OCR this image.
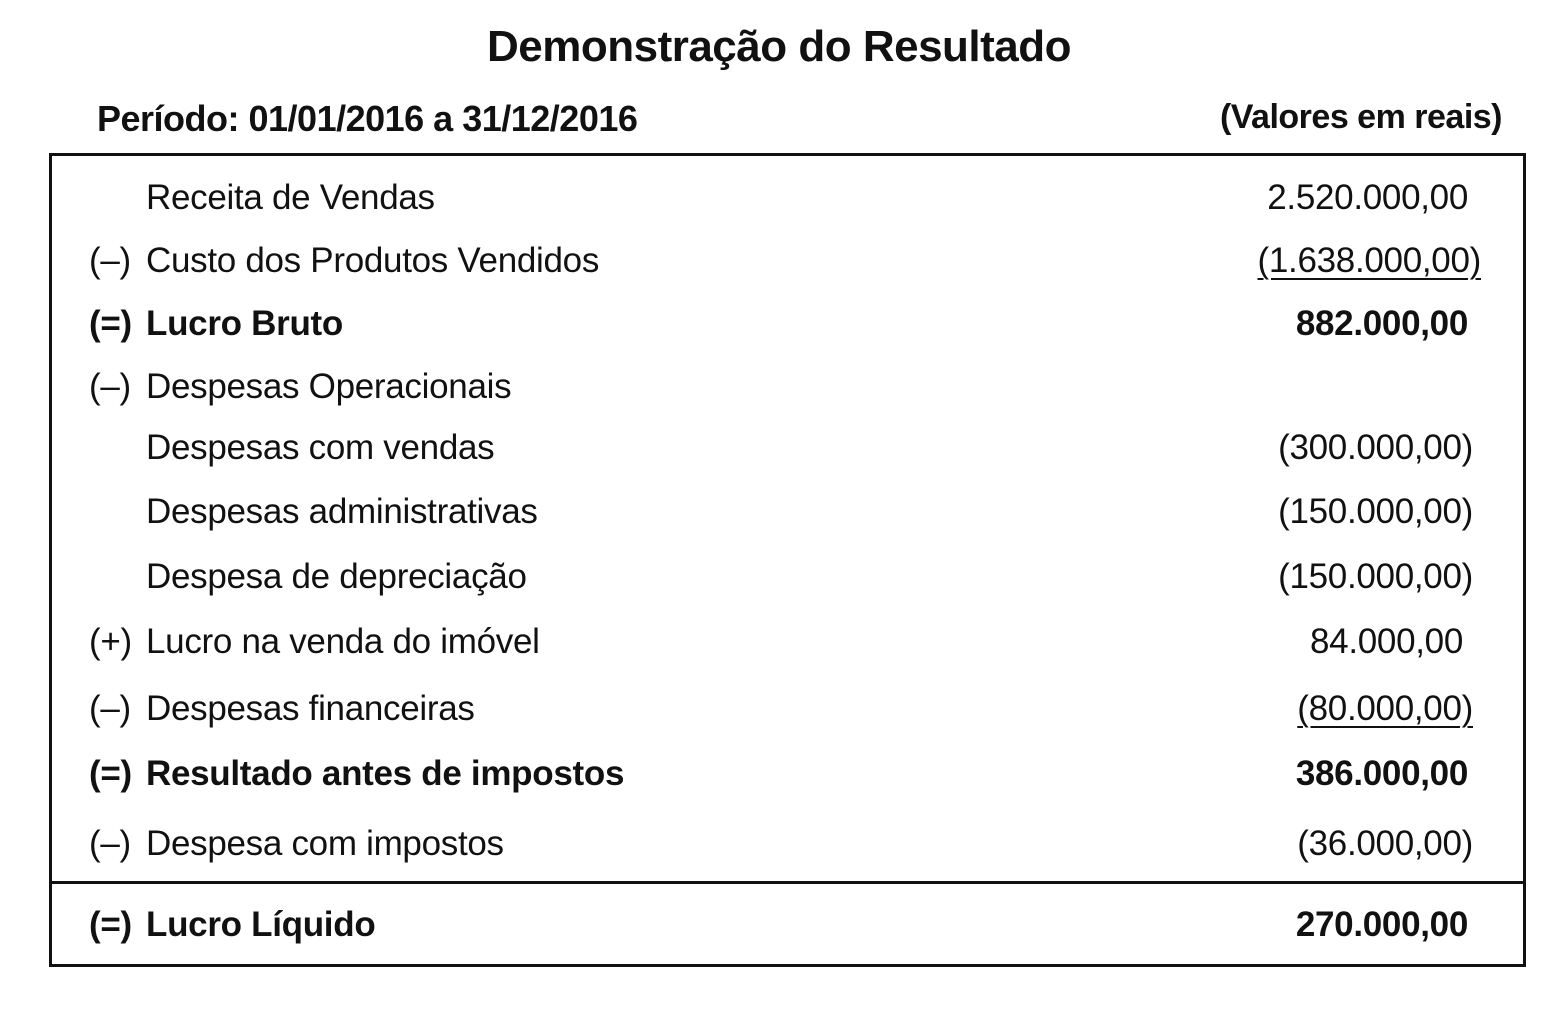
Demonstração do Resultado
Período: 01/01/2016 a 31/12/2016	(Valores em reais)
Receita de Vendas	2.520.000,00
(–) Custo dos Produtos Vendidos	(1.638.000,00)
(=) Lucro Bruto	882.000,00
(–) Despesas Operacionais
Despesas com vendas	(300.000,00)
Despesas administrativas	(150.000,00)
Despesa de depreciação	(150.000,00)
(+) Lucro na venda do imóvel	84.000,00
(–) Despesas financeiras	(80.000,00)
(=) Resultado antes de impostos	386.000,00
(–) Despesa com impostos	(36.000,00)
(=) Lucro Líquido	270.000,00
